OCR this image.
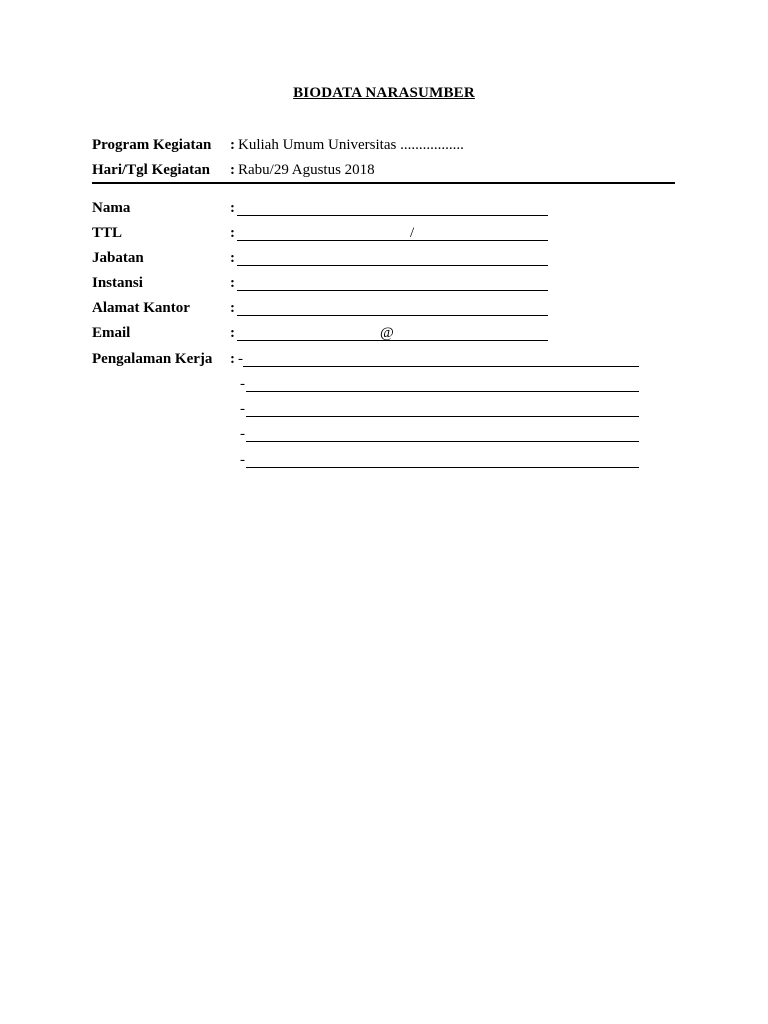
BIODATA NARASUMBER
Program Kegiatan : Kuliah Umum Universitas .................
Hari/Tgl Kegiatan : Rabu/29 Agustus 2018
Nama	:
TTL	:	/
Jabatan	:
Instansi	:
Alamat Kantor	:
Email	:	@
Pengalaman Kerja : -
-
-
-
-
